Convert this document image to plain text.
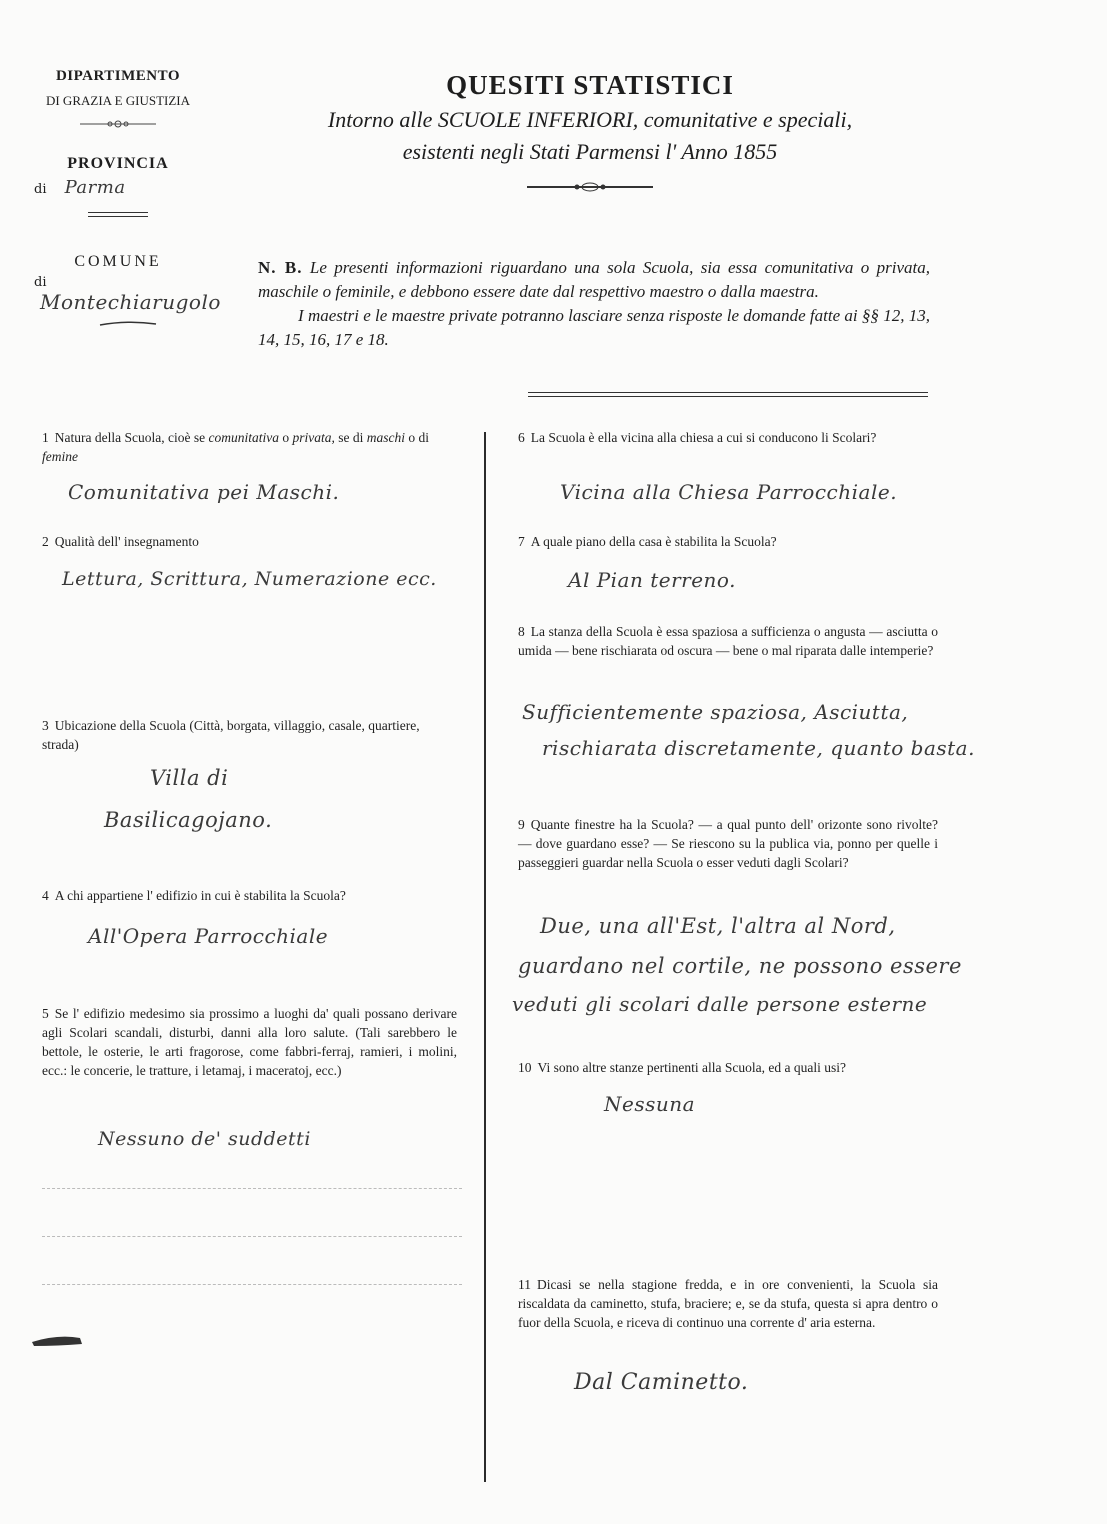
DIPARTIMENTO
DI GRAZIA E GIUSTIZIA
PROVINCIA
di Parma
COMUNE
di Montechiarugolo
QUESITI STATISTICI
Intorno alle SCUOLE INFERIORI, comunitative e speciali,
esistenti negli Stati Parmensi l' Anno 1855

N. B. Le presenti informazioni riguardano una sola Scuola, sia essa comunitativa o privata, maschile o feminile, e debbono essere date dal respettivo maestro o dalla maestra.

I maestri e le maestre private potranno lasciare senza risposte le domande fatte ai §§ 12, 13, 14, 15, 16, 17 e 18.

1 Natura della Scuola, cioè se comunitativa o privata, se di maschi o di femine
Comunitativa pei Maschi.
2 Qualità dell' insegnamento
Lettura, Scrittura, Numerazione ecc.
3 Ubicazione della Scuola (Città, borgata, villaggio, casale, quartiere, strada)
Villa di
Basilicagojano.
4 A chi appartiene l' edifizio in cui è stabilita la Scuola?
All'Opera Parrocchiale
5 Se l' edifizio medesimo sia prossimo a luoghi da' quali possano derivare agli Scolari scandali, disturbi, danni alla loro salute. (Tali sarebbero le bettole, le osterie, le arti fragorose, come fabbri-ferraj, ramieri, i molini, ecc.: le concerie, le tratture, i letamaj, i maceratoj, ecc.)
Nessuno de' suddetti
6 La Scuola è ella vicina alla chiesa a cui si conducono li Scolari?
Vicina alla Chiesa Parrocchiale.
7 A quale piano della casa è stabilita la Scuola?
Al Pian terreno.
8 La stanza della Scuola è essa spaziosa a sufficienza o angusta — asciutta o umida — bene rischiarata od oscura — bene o mal riparata dalle intemperie?
Sufficientemente spaziosa, Asciutta,
rischiarata discretamente, quanto basta.
9 Quante finestre ha la Scuola? — a qual punto dell' orizonte sono rivolte? — dove guardano esse? — Se riescono su la publica via, ponno per quelle i passeggieri guardar nella Scuola o esser veduti dagli Scolari?
Due, una all'Est, l'altra al Nord,
guardano nel cortile, ne possono essere
veduti gli scolari dalle persone esterne
10 Vi sono altre stanze pertinenti alla Scuola, ed a quali usi?
Nessuna
11 Dicasi se nella stagione fredda, e in ore convenienti, la Scuola sia riscaldata da caminetto, stufa, braciere; e, se da stufa, questa si apra dentro o fuor della Scuola, e riceva di continuo una corrente d' aria esterna.
Dal Caminetto.
